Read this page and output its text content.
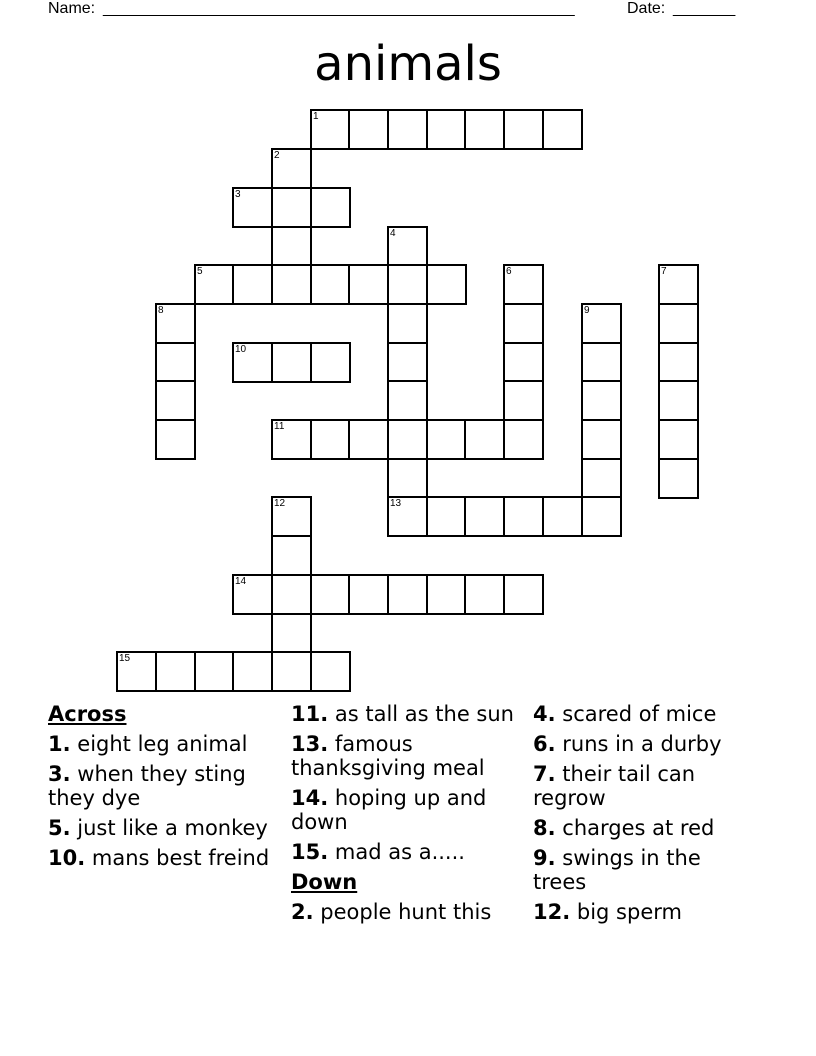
Name: _____________________________________________________	Date: _______
animals
1
2
3
4
5	6	7
8	9
10
11
12	13
14
15
Across
1. eight leg animal
3. when they sting they dye
5. just like a monkey
10. mans best freind
11. as tall as the sun
13. famous thanksgiving meal
14. hoping up and down
15. mad as a.....
Down
2. people hunt this
4. scared of mice
6. runs in a durby
7. their tail can regrow
8. charges at red
9. swings in the trees
12. big sperm
